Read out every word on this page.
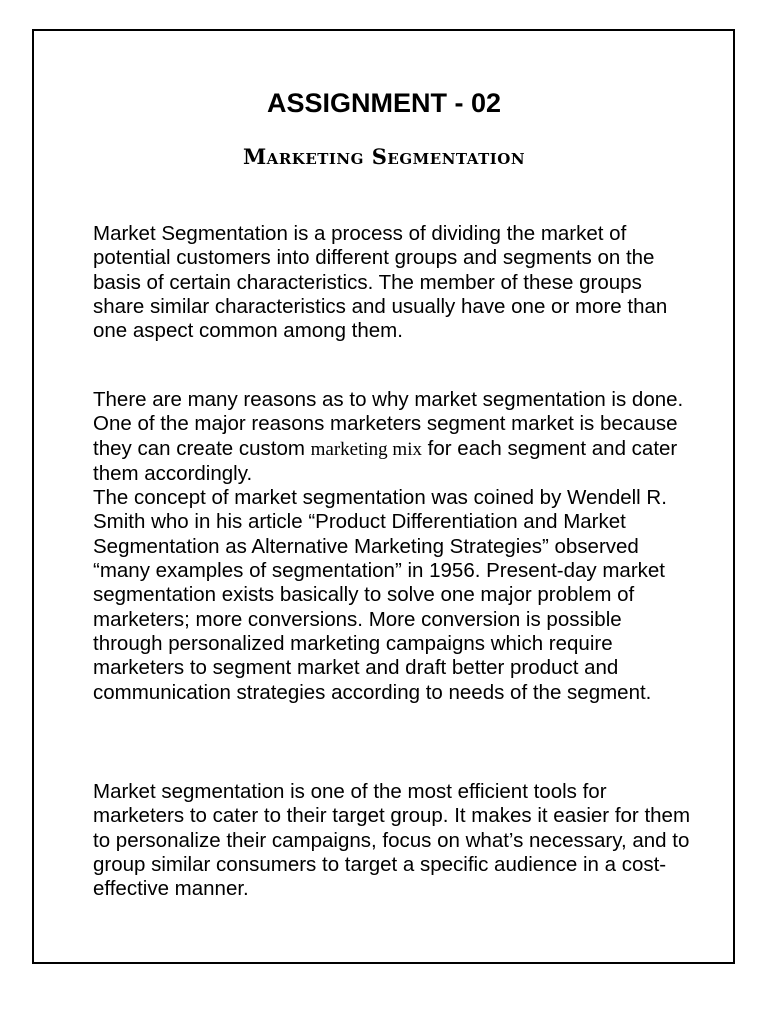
ASSIGNMENT - 02
Marketing Segmentation

Market Segmentation is a process of dividing the market of potential customers into different groups and segments on the basis of certain characteristics. The member of these groups share similar characteristics and usually have one or more than one aspect common among them.

There are many reasons as to why market segmentation is done. One of the major reasons marketers segment market is because they can create custom marketing mix for each segment and cater them accordingly.
The concept of market segmentation was coined by Wendell R. Smith who in his article “Product Differentiation and Market Segmentation as Alternative Marketing Strategies” observed “many examples of segmentation” in 1956. Present-day market segmentation exists basically to solve one major problem of marketers; more conversions. More conversion is possible through personalized marketing campaigns which require marketers to segment market and draft better product and communication strategies according to needs of the segment.

Market segmentation is one of the most efficient tools for marketers to cater to their target group. It makes it easier for them to personalize their campaigns, focus on what’s necessary, and to group similar consumers to target a specific audience in a cost-effective manner.
